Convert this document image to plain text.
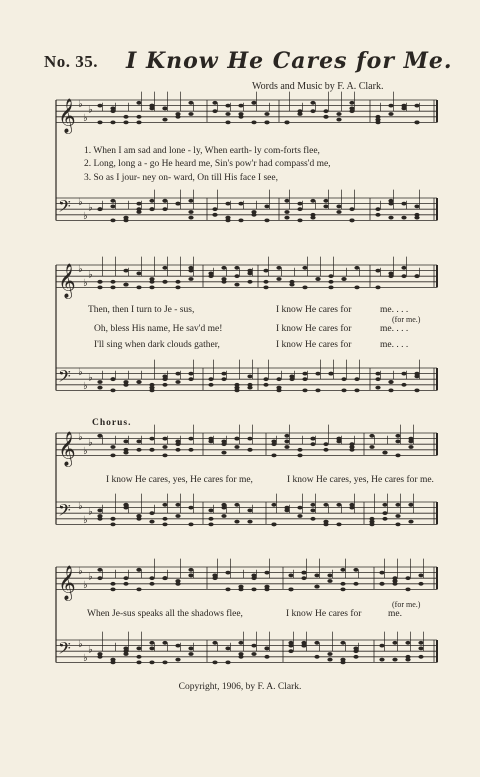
No. 35. I Know He Cares for Me.
Words and Music by F. A. Clark.
𝄞 ♭
♭
♭
𝄢 ♭
♭
♭
𝄞 ♭
♭
♭
𝄢 ♭
♭
♭
𝄞 ♭
♭
♭
𝄢 ♭
♭
♭
𝄞 ♭
♭
♭
𝄢 ♭
♭
♭
1. When I am sad and lone - ly, When earth- ly com-forts flee,
2. Long, long a - go He heard me, Sin's pow'r had compass'd me,
3. So as I jour- ney on- ward, On till His face I see,
Then, then I turn to Je - sus,	I know He cares for	me. . . .
(for me.)
Oh, bless His name, He sav'd me!	I know He cares for	me. . . .
I'll sing when dark clouds gather,	I know He cares for	me. . . .
Chorus.
I know He cares, yes, He cares for me,	I know He cares, yes, He cares for me.
When Je-sus speaks all the shadows flee,	I know He cares for	me.
(for me.)
Copyright, 1906, by F. A. Clark.
